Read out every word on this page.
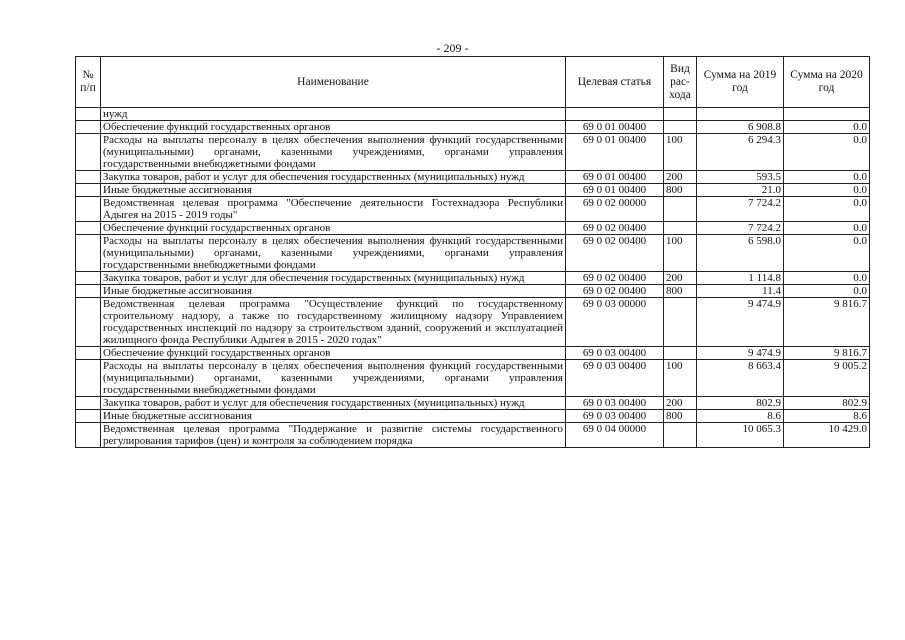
- 209 -
№ п/п	Наименование	Целевая статья	Вид рас-хода	Сумма на 2019 год	Сумма на 2020 год
	нужд				
	Обеспечение функций государственных органов	69 0 01 00400		6 908.8	0.0
	Расходы на выплаты персоналу в целях обеспечения выполнения функций государственными (муниципальными) органами, казенными учреждениями, органами управления государственными внебюджетными фондами	69 0 01 00400	100	6 294.3	0.0
	Закупка товаров, работ и услуг для обеспечения государственных (муниципальных) нужд	69 0 01 00400	200	593.5	0.0
	Иные бюджетные ассигнования	69 0 01 00400	800	21.0	0.0
	Ведомственная целевая программа "Обеспечение деятельности Гостехнадзора Республики Адыгея на 2015 - 2019 годы"	69 0 02 00000		7 724.2	0.0
	Обеспечение функций государственных органов	69 0 02 00400		7 724.2	0.0
	Расходы на выплаты персоналу в целях обеспечения выполнения функций государственными (муниципальными) органами, казенными учреждениями, органами управления государственными внебюджетными фондами	69 0 02 00400	100	6 598.0	0.0
	Закупка товаров, работ и услуг для обеспечения государственных (муниципальных) нужд	69 0 02 00400	200	1 114.8	0.0
	Иные бюджетные ассигнования	69 0 02 00400	800	11.4	0.0
	Ведомственная целевая программа "Осуществление функций по государственному строительному надзору, а также по государственному жилищному надзору Управлением государственных инспекций по надзору за строительством зданий, сооружений и эксплуатацией жилищного фонда Республики Адыгея в 2015 - 2020 годах"	69 0 03 00000		9 474.9	9 816.7
	Обеспечение функций государственных органов	69 0 03 00400		9 474.9	9 816.7
	Расходы на выплаты персоналу в целях обеспечения выполнения функций государственными (муниципальными) органами, казенными учреждениями, органами управления государственными внебюджетными фондами	69 0 03 00400	100	8 663.4	9 005.2
	Закупка товаров, работ и услуг для обеспечения государственных (муниципальных) нужд	69 0 03 00400	200	802.9	802.9
	Иные бюджетные ассигнования	69 0 03 00400	800	8.6	8.6
	Ведомственная целевая программа "Поддержание и развитие системы государственного регулирования тарифов (цен) и контроля за соблюдением порядка	69 0 04 00000		10 065.3	10 429.0
